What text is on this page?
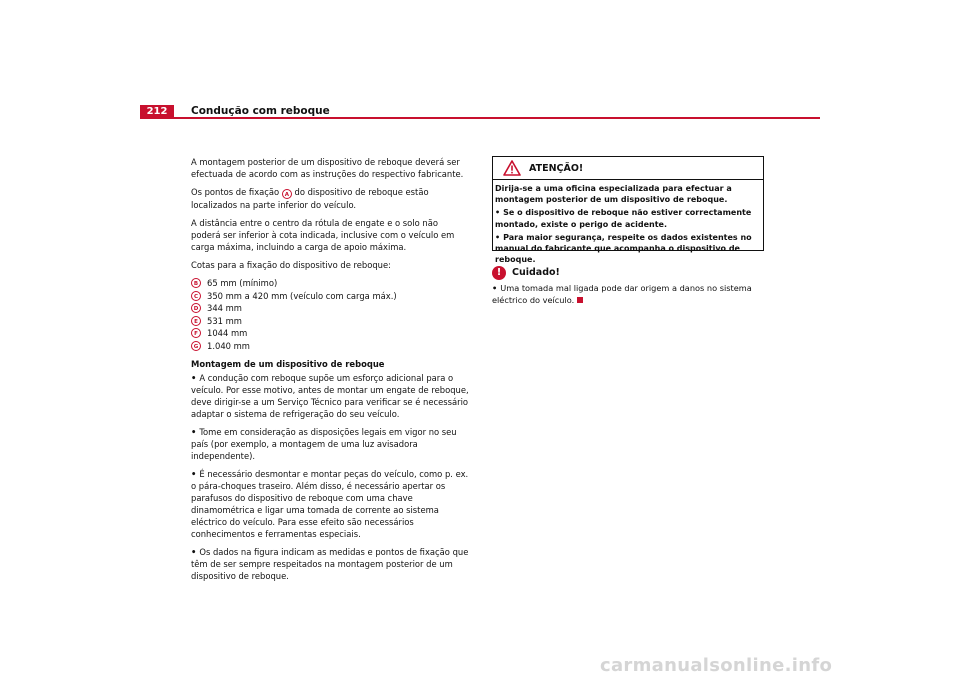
212	Condução com reboque

A montagem posterior de um dispositivo de reboque deverá ser efectuada de acordo com as instruções do respectivo fabricante.

Os pontos de fixação A do dispositivo de reboque estão localizados na parte inferior do veículo.

A distância entre o centro da rótula de engate e o solo não poderá ser inferior à cota indicada, inclusive com o veículo em carga máxima, incluindo a carga de apoio máxima.

Cotas para a fixação do dispositivo de reboque:

B	65 mm (mínimo)
C	350 mm a 420 mm (veículo com carga máx.)
D	344 mm
E	531 mm
F	1044 mm
G	1.040 mm
Montagem de um dispositivo de reboque

• A condução com reboque supõe um esforço adicional para o veículo. Por esse motivo, antes de montar um engate de reboque, deve dirigir-se a um Serviço Técnico para verificar se é necessário adaptar o sistema de refrigeração do seu veículo.

• Tome em consideração as disposições legais em vigor no seu país (por exemplo, a montagem de uma luz avisadora independente).

• É necessário desmontar e montar peças do veículo, como p. ex. o pára-choques traseiro. Além disso, é necessário apertar os parafusos do dispositivo de reboque com uma chave dinamométrica e ligar uma tomada de corrente ao sistema eléctrico do veículo. Para esse efeito são necessários conhecimentos e ferramentas especiais.

• Os dados na figura indicam as medidas e pontos de fixação que têm de ser sempre respeitados na montagem posterior de um dispositivo de reboque.

ATENÇÃO!

Dirija-se a uma oficina especializada para efectuar a montagem posterior de um dispositivo de reboque.

• Se o dispositivo de reboque não estiver correctamente montado, existe o perigo de acidente.

• Para maior segurança, respeite os dados existentes no manual do fabricante que acompanha o dispositivo de reboque.

!	Cuidado!
• Uma tomada mal ligada pode dar origem a danos no sistema eléctrico do veículo.
carmanualsonline.info
